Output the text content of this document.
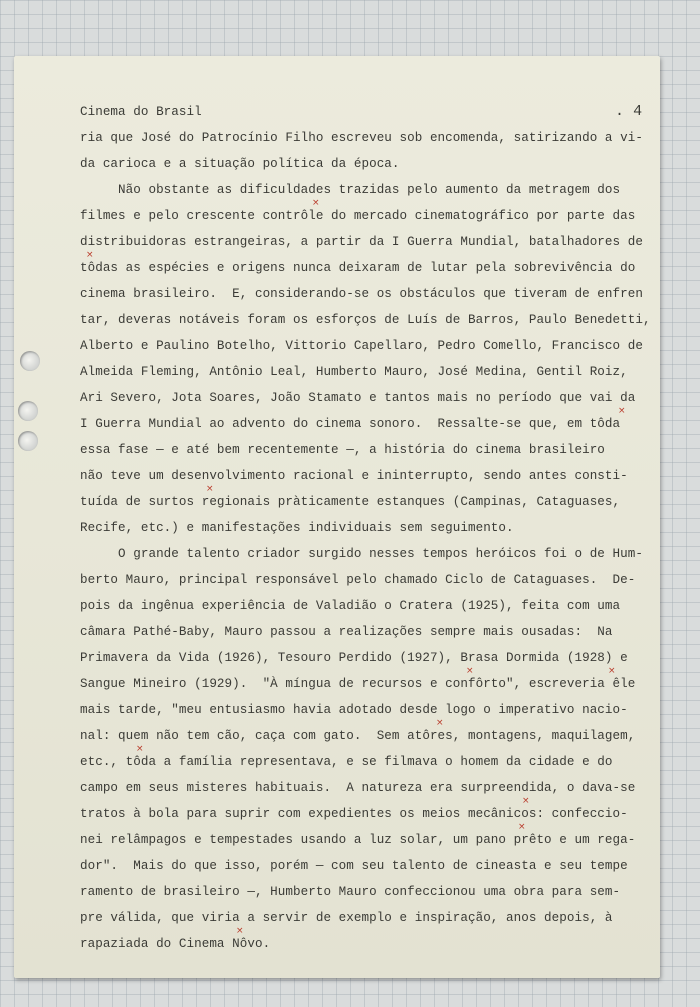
Cinema do Brasil	. 4
ria que José do Patrocínio Filho escreveu sob encomenda, satirizando a vi-
da carioca e a situação política da época.
Não obstante as dificuldades trazidas pelo aumento da metragem dos
filmes e pelo crescente contrôle do mercado cinematográfico por parte das
distribuidoras estrangeiras, a partir da I Guerra Mundial, batalhadores de
tôdas as espécies e origens nunca deixaram de lutar pela sobrevivência do
cinema brasileiro.  E, considerando-se os obstáculos que tiveram de enfren
tar, deveras notáveis foram os esforços de Luís de Barros, Paulo Benedetti,
Alberto e Paulino Botelho, Vittorio Capellaro, Pedro Comello, Francisco de
Almeida Fleming, Antônio Leal, Humberto Mauro, José Medina, Gentil Roiz,
Ari Severo, Jota Soares, João Stamato e tantos mais no período que vai da
I Guerra Mundial ao advento do cinema sonoro.  Ressalte-se que, em tôda
essa fase — e até bem recentemente —, a história do cinema brasileiro
não teve um desenvolvimento racional e ininterrupto, sendo antes consti-
tuída de surtos regionais pràticamente estanques (Campinas, Cataguases,
Recife, etc.) e manifestações individuais sem seguimento.
O grande talento criador surgido nesses tempos heróicos foi o de Hum-
berto Mauro, principal responsável pelo chamado Ciclo de Cataguases.  De-
pois da ingênua experiência de Valadião o Cratera (1925), feita com uma
câmara Pathé-Baby, Mauro passou a realizações sempre mais ousadas:  Na
Primavera da Vida (1926), Tesouro Perdido (1927), Brasa Dormida (1928) e
Sangue Mineiro (1929).  "À míngua de recursos e confôrto", escreveria êle
mais tarde, "meu entusiasmo havia adotado desde logo o imperativo nacio-
nal: quem não tem cão, caça com gato.  Sem atôres, montagens, maquilagem,
etc., tôda a família representava, e se filmava o homem da cidade e do
campo em seus misteres habituais.  A natureza era surpreendida, o dava-se
tratos à bola para suprir com expedientes os meios mecânicos: confeccio-
nei relâmpagos e tempestades usando a luz solar, um pano prêto e um rega-
dor".  Mais do que isso, porém — com seu talento de cineasta e seu tempe
ramento de brasileiro —, Humberto Mauro confeccionou uma obra para sem-
pre válida, que viria a servir de exemplo e inspiração, anos depois, à
rapaziada do Cinema Nôvo.
×
×
×
×
×	×
×
×
×
×
×
